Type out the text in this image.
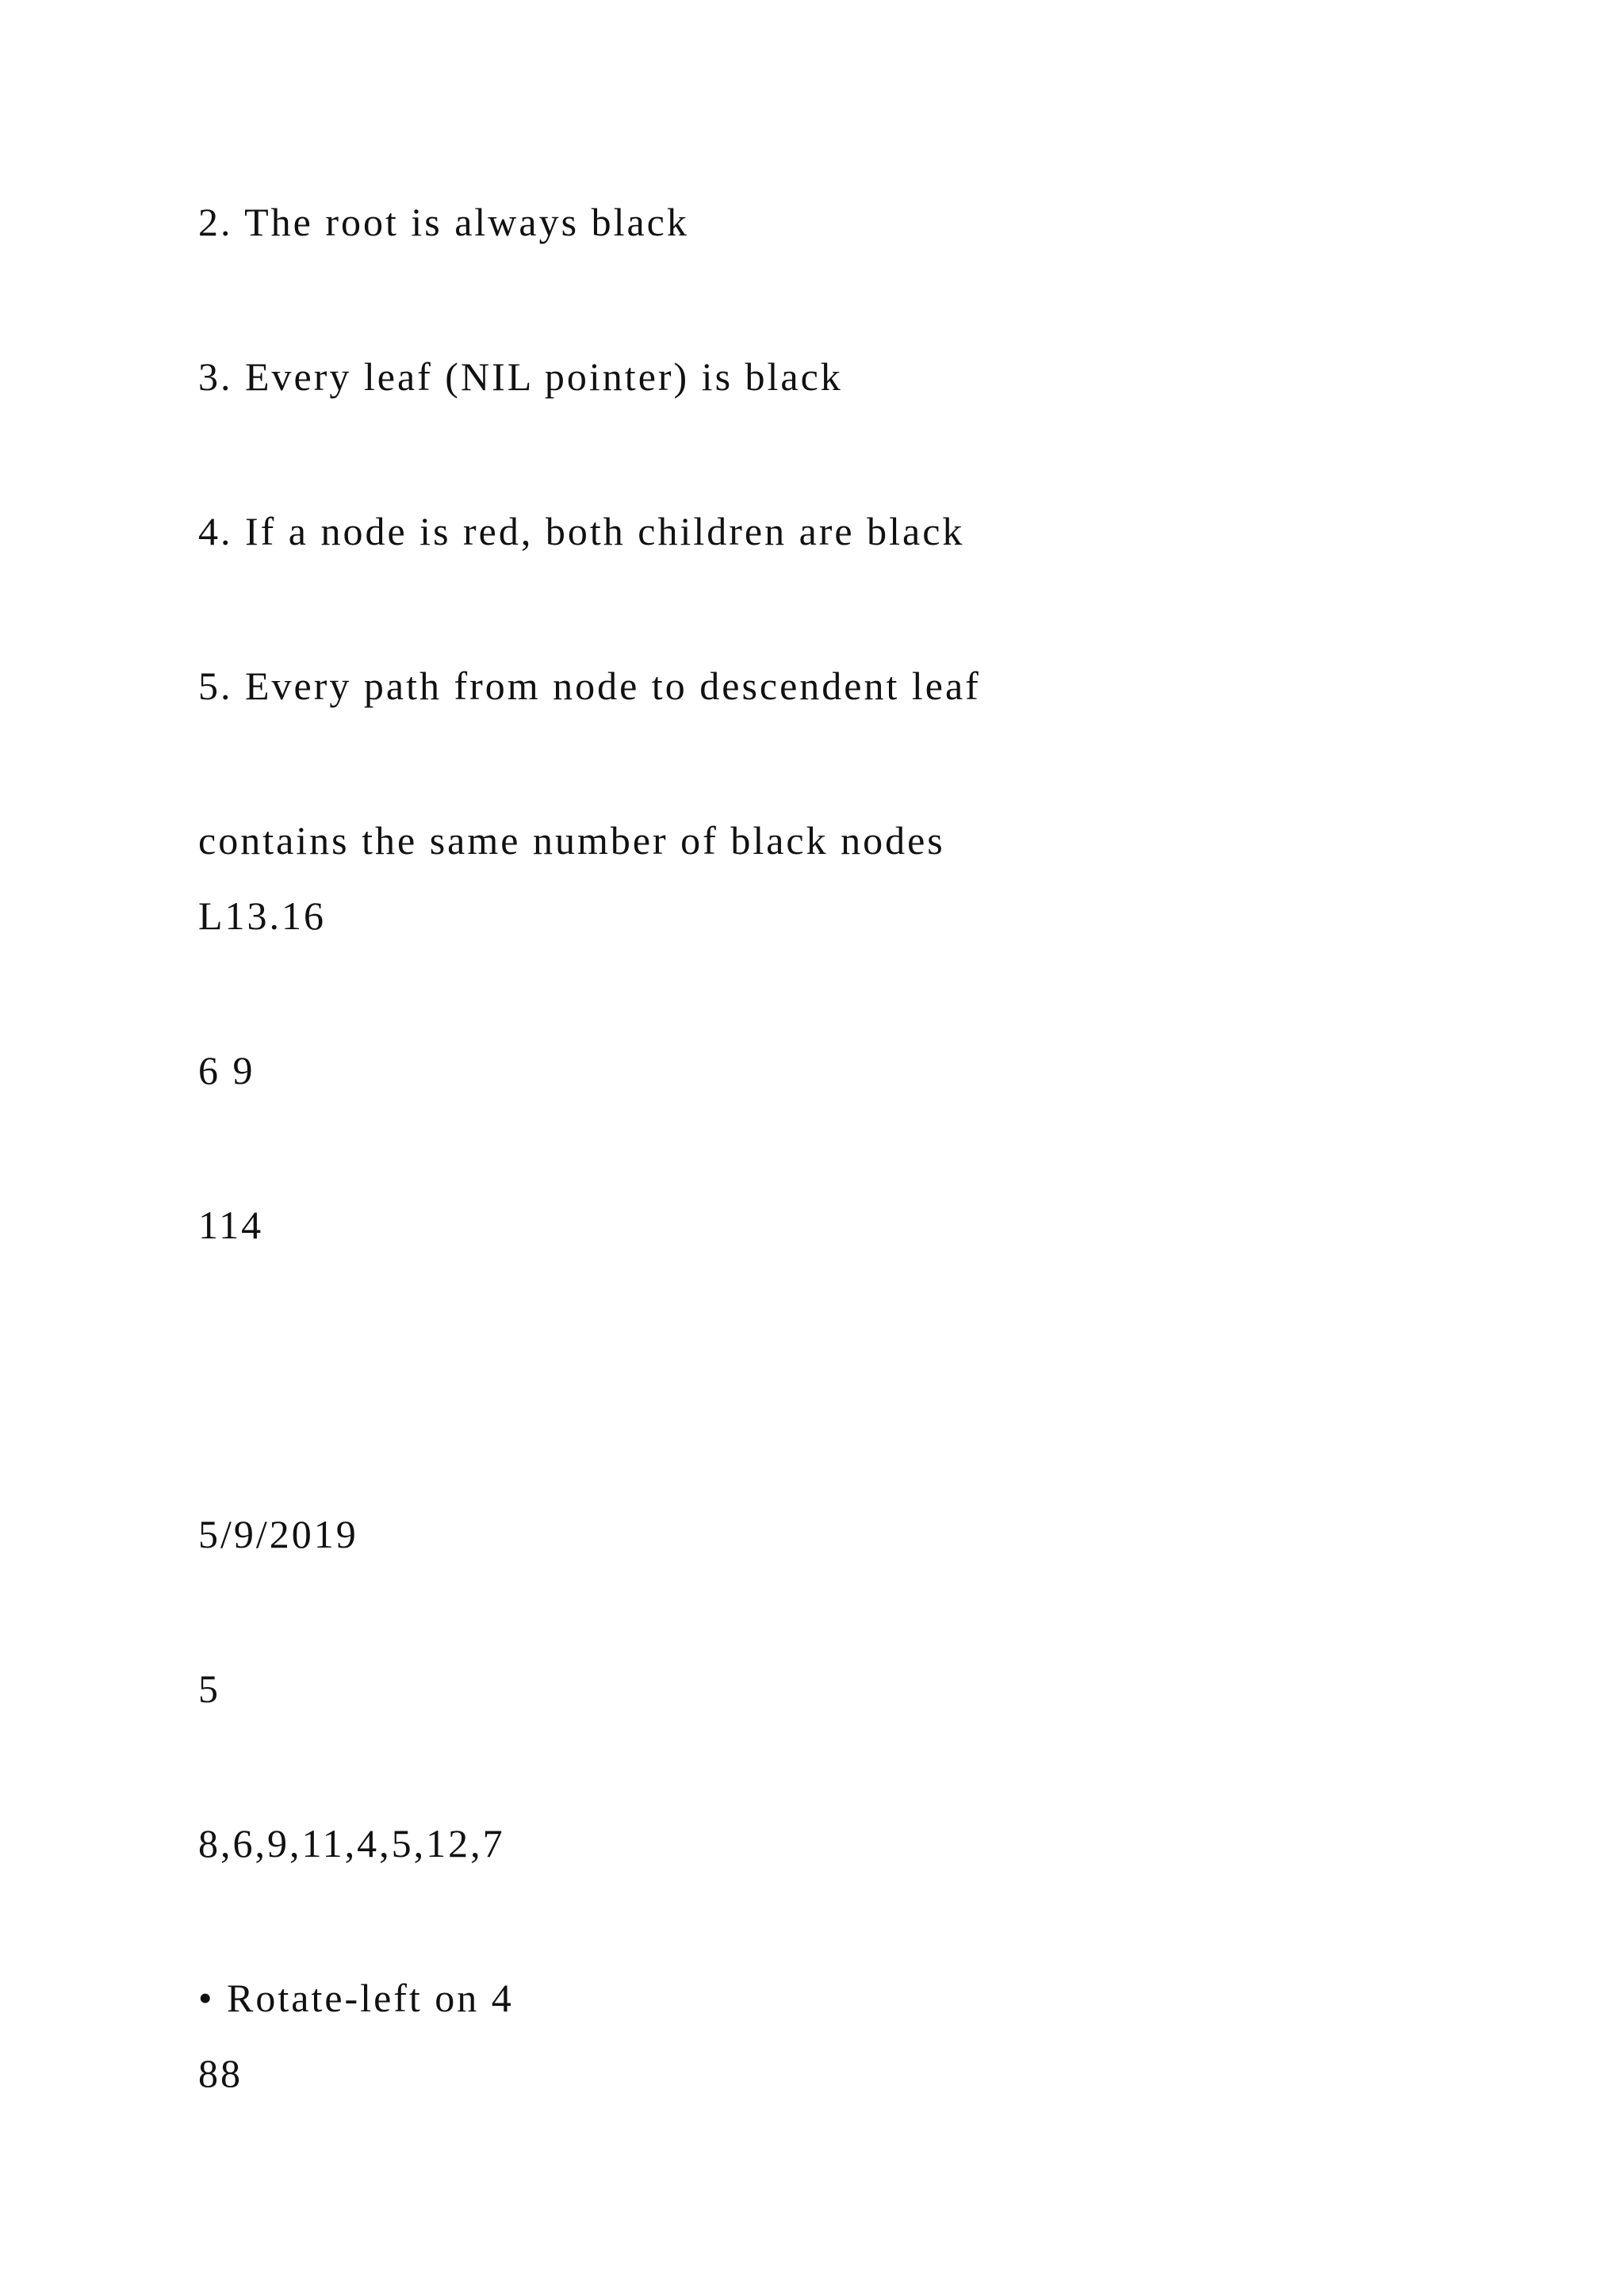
2. The root is always black
3. Every leaf (NIL pointer) is black
4. If a node is red, both children are black
5. Every path from node to descendent leaf
contains the same number of black nodes
L13.16
6 9
114
5/9/2019
5
8,6,9,11,4,5,12,7
• Rotate-left on 4
88
